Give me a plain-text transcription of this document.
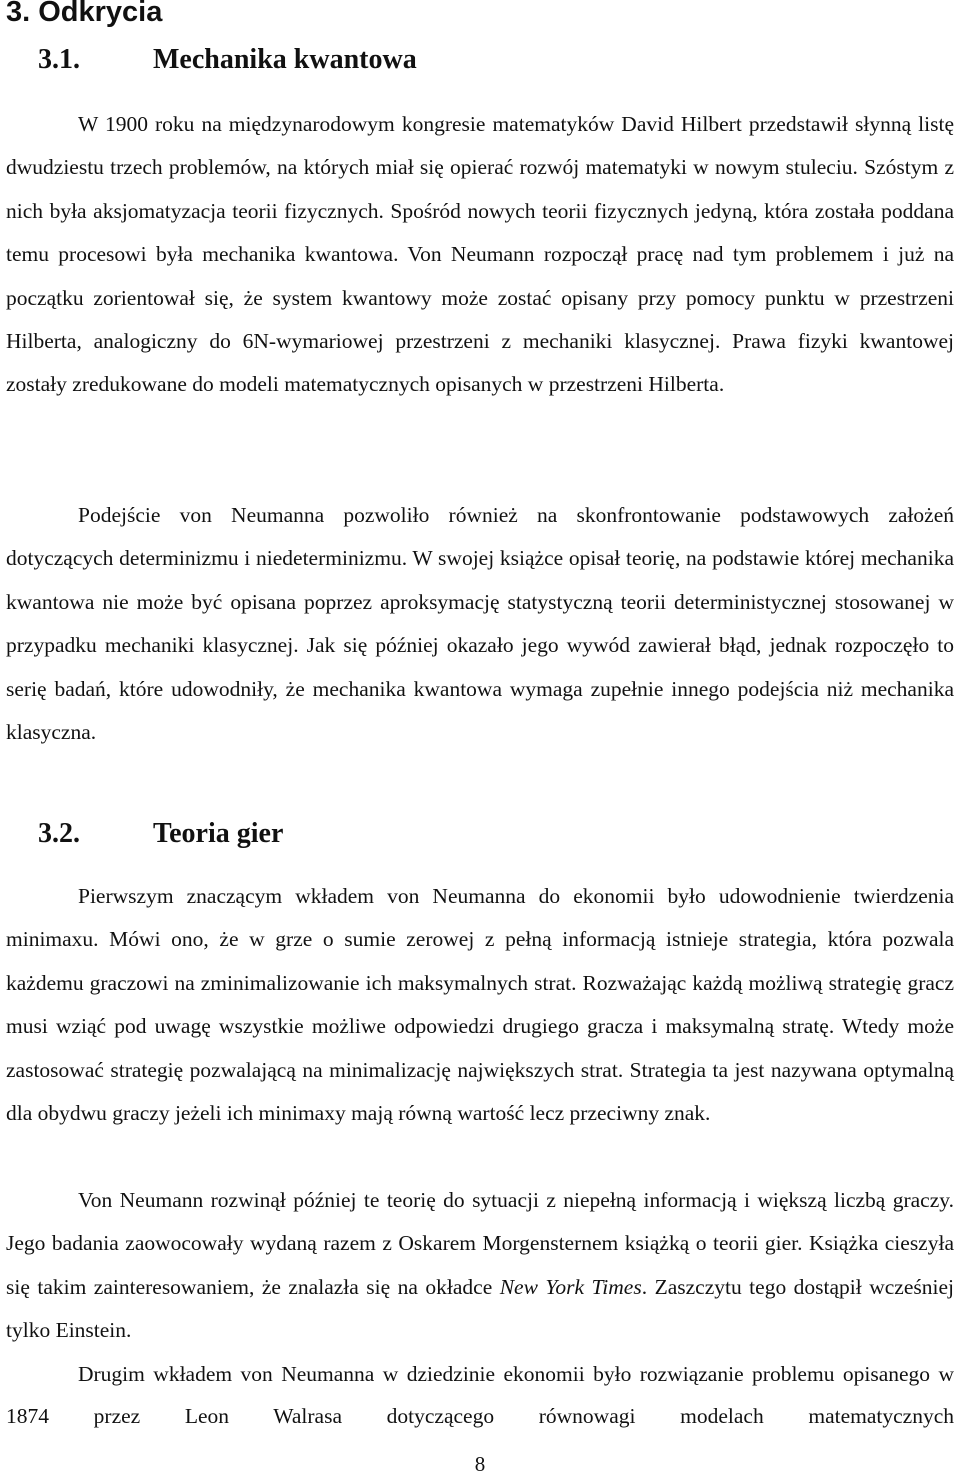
3. Odkrycia
3.1.	Mechanika kwantowa

W 1900 roku na międzynarodowym kongresie matematyków David Hilbert przedstawił słynną listę dwudziestu trzech problemów, na których miał się opierać rozwój matematyki w nowym stuleciu. Szóstym z nich była aksjomatyzacja teorii fizycznych. Spośród nowych teorii fizycznych jedyną, która została poddana temu procesowi była mechanika kwantowa. Von Neumann rozpoczął pracę nad tym problemem i już na początku zorientował się, że system kwantowy może zostać opisany przy pomocy punktu w przestrzeni Hilberta, analogiczny do 6N-wymariowej przestrzeni z mechaniki klasycznej. Prawa fizyki kwantowej zostały zredukowane do modeli matematycznych opisanych w przestrzeni Hilberta.

Podejście von Neumanna pozwoliło również na skonfrontowanie podstawowych założeń dotyczących determinizmu i niedeterminizmu. W swojej książce opisał teorię, na podstawie której mechanika kwantowa nie może być opisana poprzez aproksymację statystyczną teorii deterministycznej stosowanej w przypadku mechaniki klasycznej. Jak się później okazało jego wywód zawierał błąd, jednak rozpoczęło to serię badań, które udowodniły, że mechanika kwantowa wymaga zupełnie innego podejścia niż mechanika klasyczna.

3.2.	Teoria gier

Pierwszym znaczącym wkładem von Neumanna do ekonomii było udowodnienie twierdzenia minimaxu. Mówi ono, że w grze o sumie zerowej z pełną informacją istnieje strategia, która pozwala każdemu graczowi na zminimalizowanie ich maksymalnych strat. Rozważając każdą możliwą strategię gracz musi wziąć pod uwagę wszystkie możliwe odpowiedzi drugiego gracza i maksymalną stratę. Wtedy może zastosować strategię pozwalającą na minimalizację największych strat. Strategia ta jest nazywana optymalną dla obydwu graczy jeżeli ich minimaxy mają równą wartość lecz przeciwny znak.

Von Neumann rozwinął później te teorię do sytuacji z niepełną informacją i większą liczbą graczy. Jego badania zaowocowały wydaną razem z Oskarem Morgensternem książką o teorii gier. Książka cieszyła się takim zainteresowaniem, że znalazła się na okładce New York Times. Zaszczytu tego dostąpił wcześniej tylko Einstein.

Drugim wkładem von Neumanna w dziedzinie ekonomii było rozwiązanie problemu opisanego w 1874 przez Leon Walrasa dotyczącego równowagi modelach matematycznych

8
